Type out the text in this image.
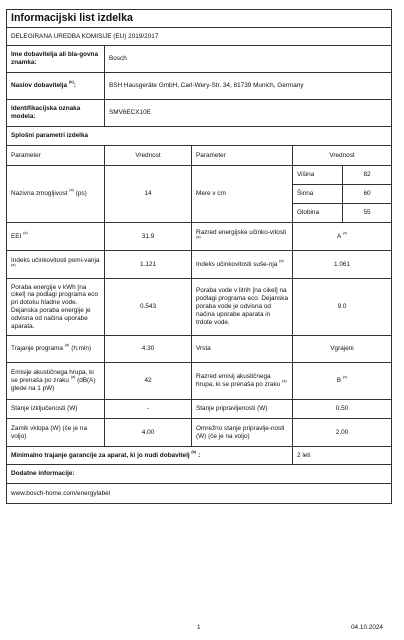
Informacijski list izdelka				
DELEGIRANA UREDBA KOMISIJE (EU) 2019/2017				
Ime dobavitelja ali bla-govna znamka:	Bosch			
Naslov dobavitelja $^{(b)}$:	BSH Hausgeräte GmbH, Carl-Wery-Str. 34, 81739 Munich, Germany			
Identifikacijska oznaka modela:	SMV6ECX10E			
Splošni parametri izdelka				
Parameter	Vrednost	Parameter	Vrednost	
Nazivna zmogljivost $^{(a)}$ (ps)	14	Mere v cm	Višina	82
			Širina	60
			Globina	55
EEI $^{(a)}$	31.9	Razred energijske učinko-vitosti $^{(a)}$	A $^{(c)}$
Indeks učinkovitosti pomi-vanja $^{(a)}$	1.121	Indeks učinkovitosti suše-nja $^{(a)}$	1.061	
Poraba energije v kWh [na cikel] na podlagi programa eco pri dotoku hladne vode. Dejanska poraba energije je odvisna od načina uporabe aparata.	0.543	Poraba vode v litrih [na cikel] na podlagi programa eco. Dejanska poraba vode je odvisna od načina uporabe aparata in trdote vode.	9.0	
Trajanje programa $^{(a)}$ (h:min)	4:30	Vrsta	Vgrajeni	
Emisije akustičnega hrupa, ki se prenaša po zraku $^{(a)}$ (dB(A) glede na 1 pW)	42	Razred emisij akustičnega hrupa, ki se prenaša po zraku $^{(a)}$	B $^{(c)}$
Stanje izključenosti (W)	-	Stanje pripravljenosti (W)	0.50	
Zamik vklopa (W) (če je na voljo)	4.00	Omrežno stanje pripravlje-nosti (W) (če je na voljo)	2.00	
Minimalno trajanje garancije za aparat, ki jo nudi dobavitelj $^{(b)}$ :			2 leti	
Dodatne informacije:				
www.bosch-home.com/energylabel				
1	04.10.2024
